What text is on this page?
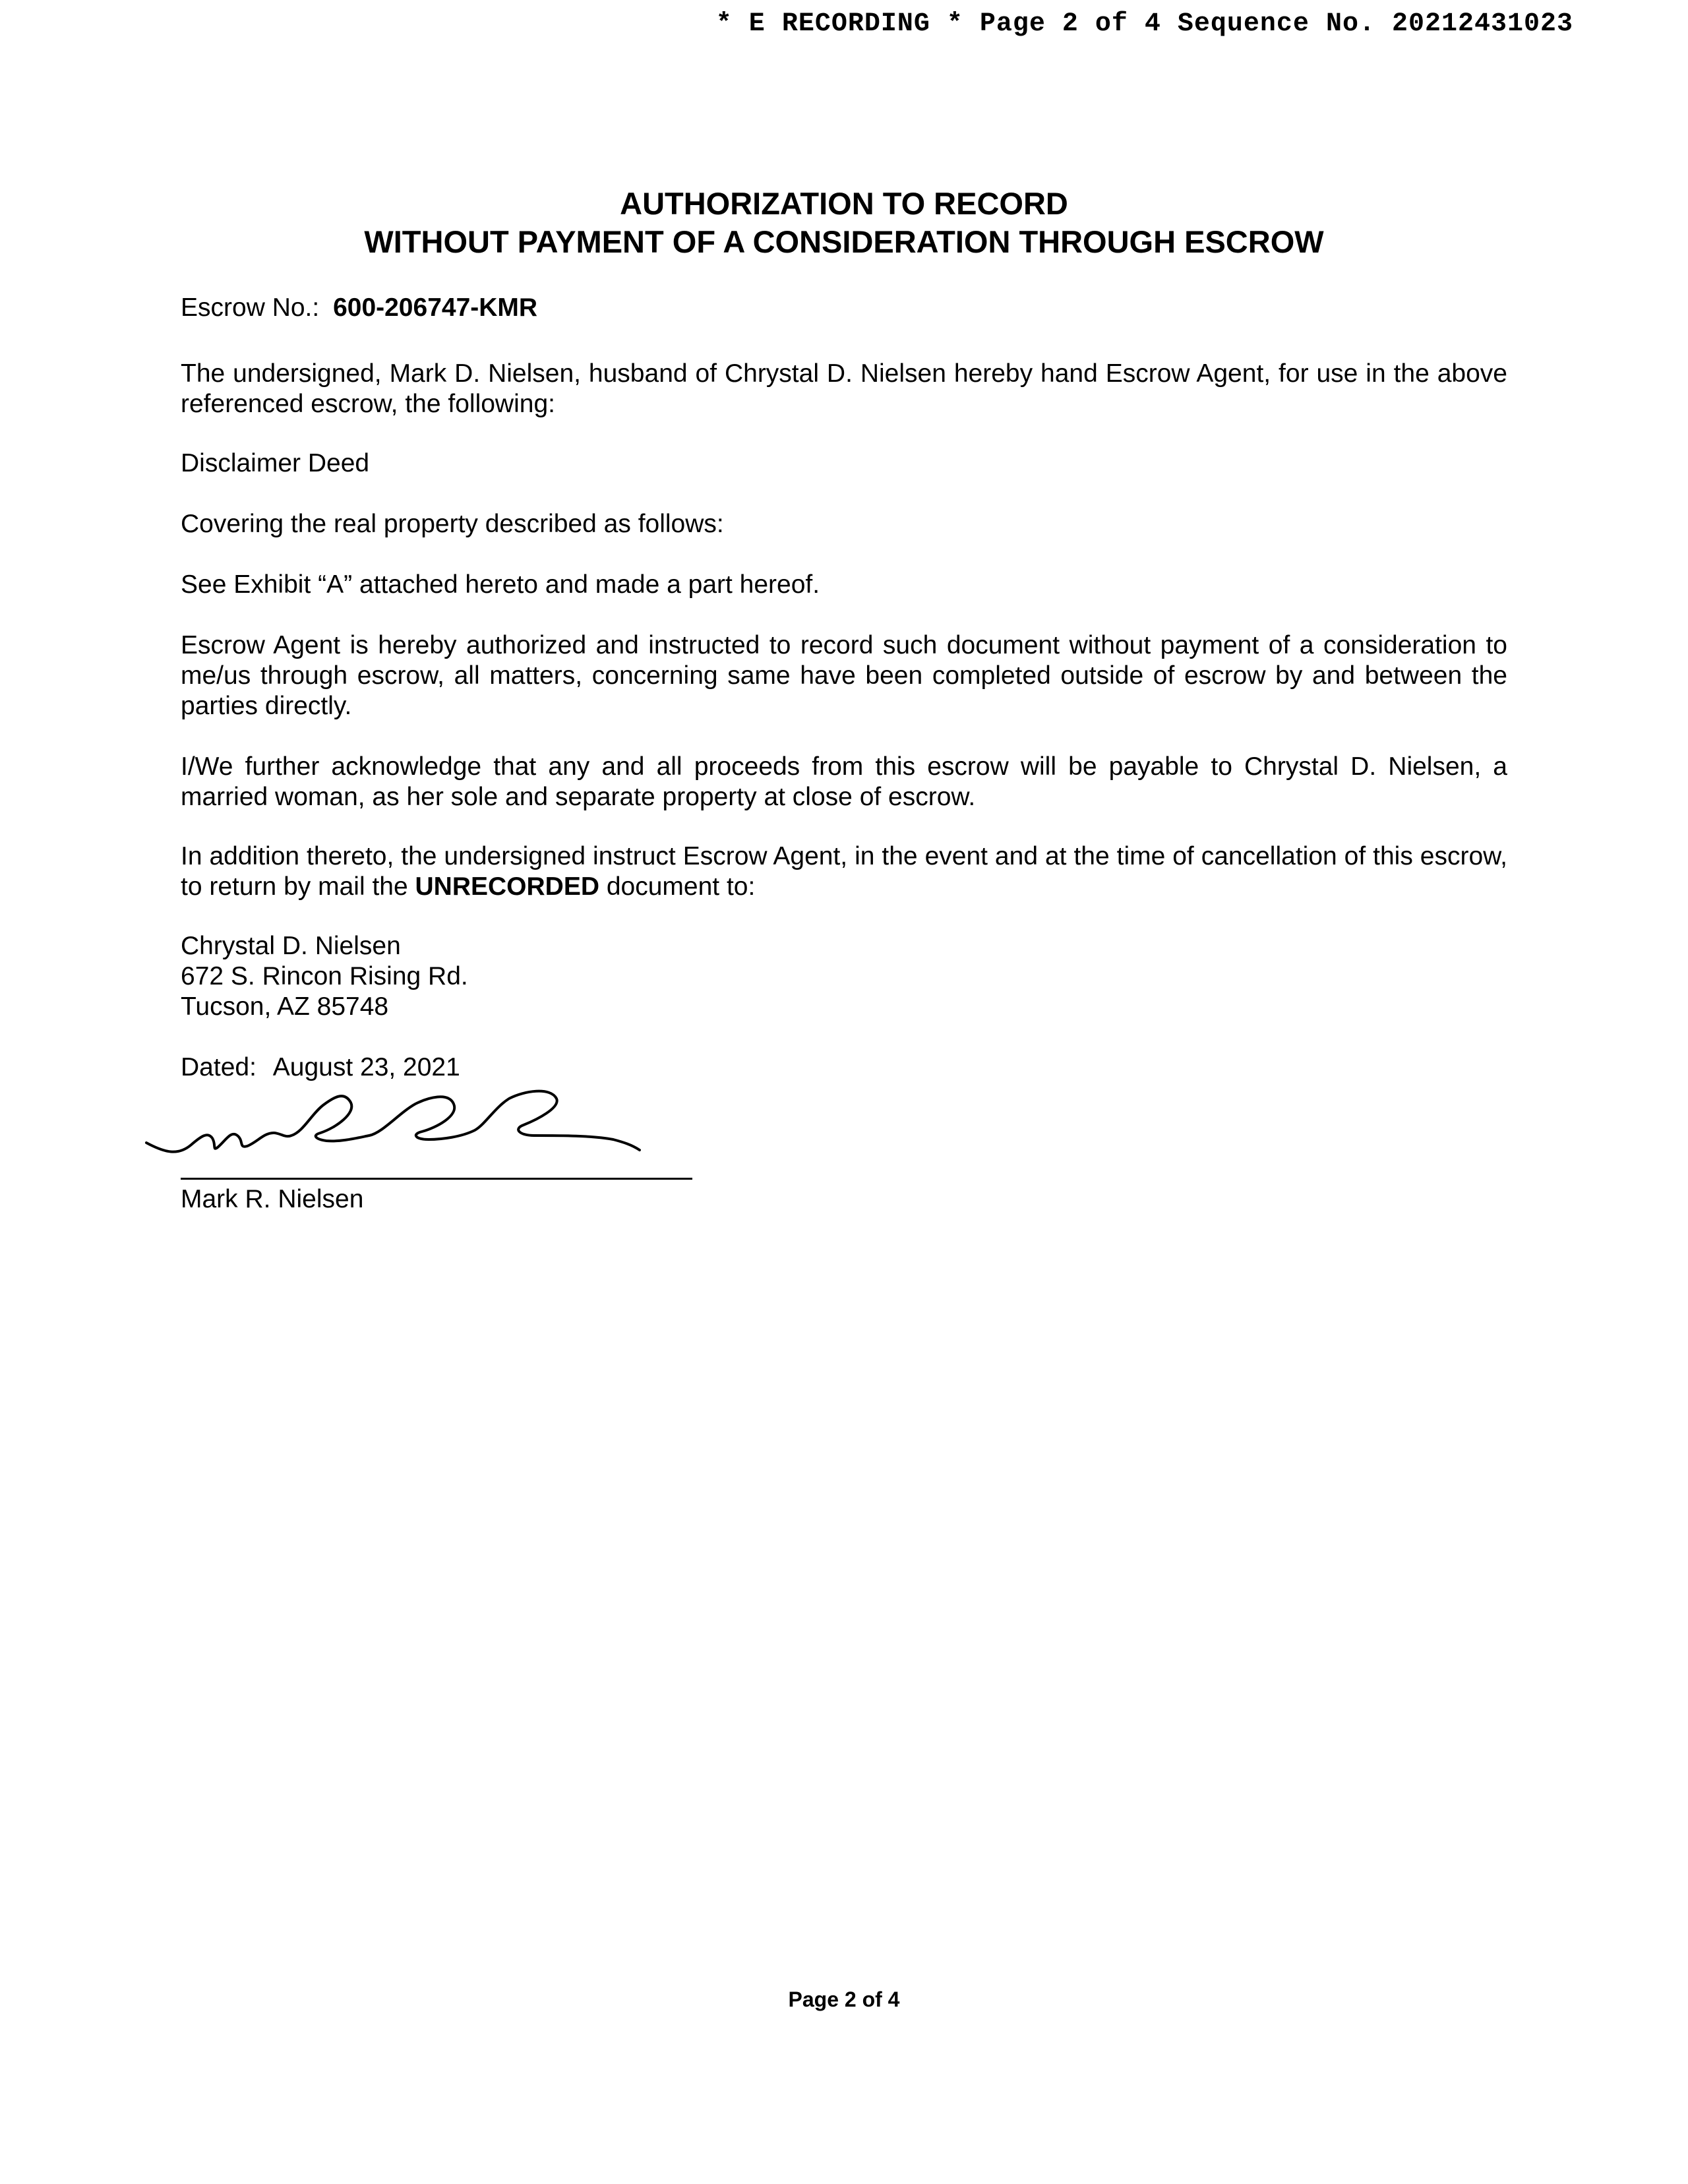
* E RECORDING * Page 2 of 4 Sequence No. 20212431023
AUTHORIZATION TO RECORD
WITHOUT PAYMENT OF A CONSIDERATION THROUGH ESCROW
Escrow No.: 600-206747-KMR
The undersigned, Mark D. Nielsen, husband of Chrystal D. Nielsen hereby hand Escrow Agent, for use in the above referenced escrow, the following:
Disclaimer Deed
Covering the real property described as follows:
See Exhibit “A” attached hereto and made a part hereof.
Escrow Agent is hereby authorized and instructed to record such document without payment of a consideration to me/us through escrow, all matters, concerning same have been completed outside of escrow by and between the parties directly.
I/We further acknowledge that any and all proceeds from this escrow will be payable to Chrystal D. Nielsen, a married woman, as her sole and separate property at close of escrow.
In addition thereto, the undersigned instruct Escrow Agent, in the event and at the time of cancellation of this escrow, to return by mail the UNRECORDED document to:
Chrystal D. Nielsen
672 S. Rincon Rising Rd.
Tucson, AZ 85748
Dated: August 23, 2021
Mark R. Nielsen
Page 2 of 4
